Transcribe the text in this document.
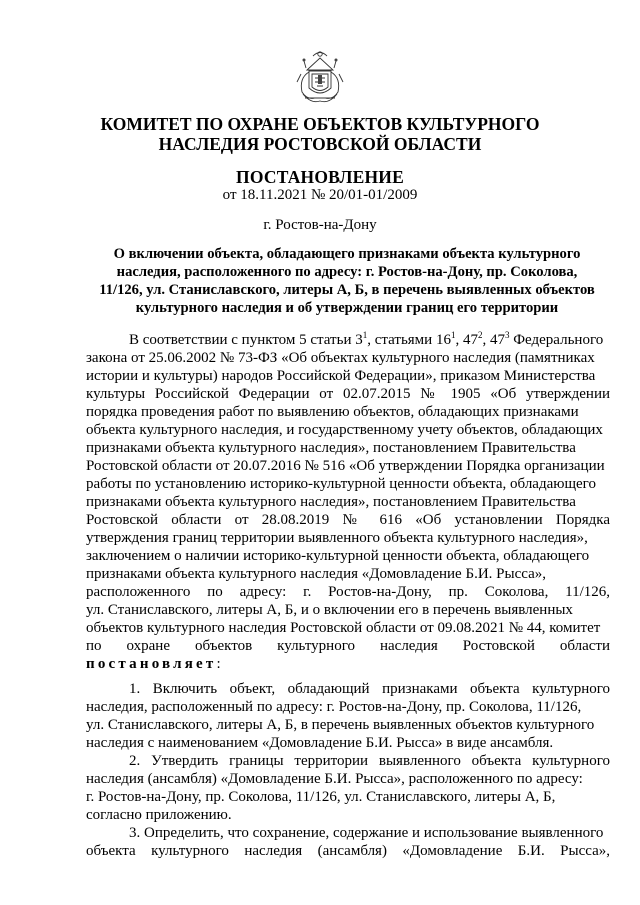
КОМИТЕТ ПО ОХРАНЕ ОБЪЕКТОВ КУЛЬТУРНОГО
НАСЛЕДИЯ РОСТОВСКОЙ ОБЛАСТИ
ПОСТАНОВЛЕНИЕ
от 18.11.2021 № 20/01-01/2009
г. Ростов-на-Дону
О включении объекта, обладающего признаками объекта культурного
наследия, расположенного по адресу: г. Ростов-на-Дону, пр. Соколова,
11/126, ул. Станиславского, литеры А, Б, в перечень выявленных объектов
культурного наследия и об утверждении границ его территории
В соответствии с пунктом 5 статьи $3^1$, статьями $16^1$, $47^2$, $47^3$ Федерального
закона от 25.06.2002 № 73-ФЗ «Об объектах культурного наследия (памятниках
истории и культуры) народов Российской Федерации», приказом Министерства
культуры Российской Федерации от 02.07.2015 № 1905 «Об утверждении
порядка проведения работ по выявлению объектов, обладающих признаками
объекта культурного наследия, и государственному учету объектов, обладающих
признаками объекта культурного наследия», постановлением Правительства
Ростовской области от 20.07.2016 № 516 «Об утверждении Порядка организации
работы по установлению историко-культурной ценности объекта, обладающего
признаками объекта культурного наследия», постановлением Правительства
Ростовской области от 28.08.2019 № 616 «Об установлении Порядка
утверждения границ территории выявленного объекта культурного наследия»,
заключением о наличии историко-культурной ценности объекта, обладающего
признаками объекта культурного наследия «Домовладение Б.И. Рысса»,
расположенного по адресу: г. Ростов-на-Дону, пр. Соколова, 11/126,
ул. Станиславского, литеры А, Б, и о включении его в перечень выявленных
объектов культурного наследия Ростовской области от 09.08.2021 № 44, комитет
по охране объектов культурного наследия Ростовской области
постановляет:
1. Включить объект, обладающий признаками объекта культурного
наследия, расположенный по адресу: г. Ростов-на-Дону, пр. Соколова, 11/126,
ул. Станиславского, литеры А, Б, в перечень выявленных объектов культурного
наследия с наименованием «Домовладение Б.И. Рысса» в виде ансамбля.
2. Утвердить границы территории выявленного объекта культурного
наследия (ансамбля) «Домовладение Б.И. Рысса», расположенного по адресу:
г. Ростов-на-Дону, пр. Соколова, 11/126, ул. Станиславского, литеры А, Б,
согласно приложению.
3. Определить, что сохранение, содержание и использование выявленного
объекта культурного наследия (ансамбля) «Домовладение Б.И. Рысса»,
